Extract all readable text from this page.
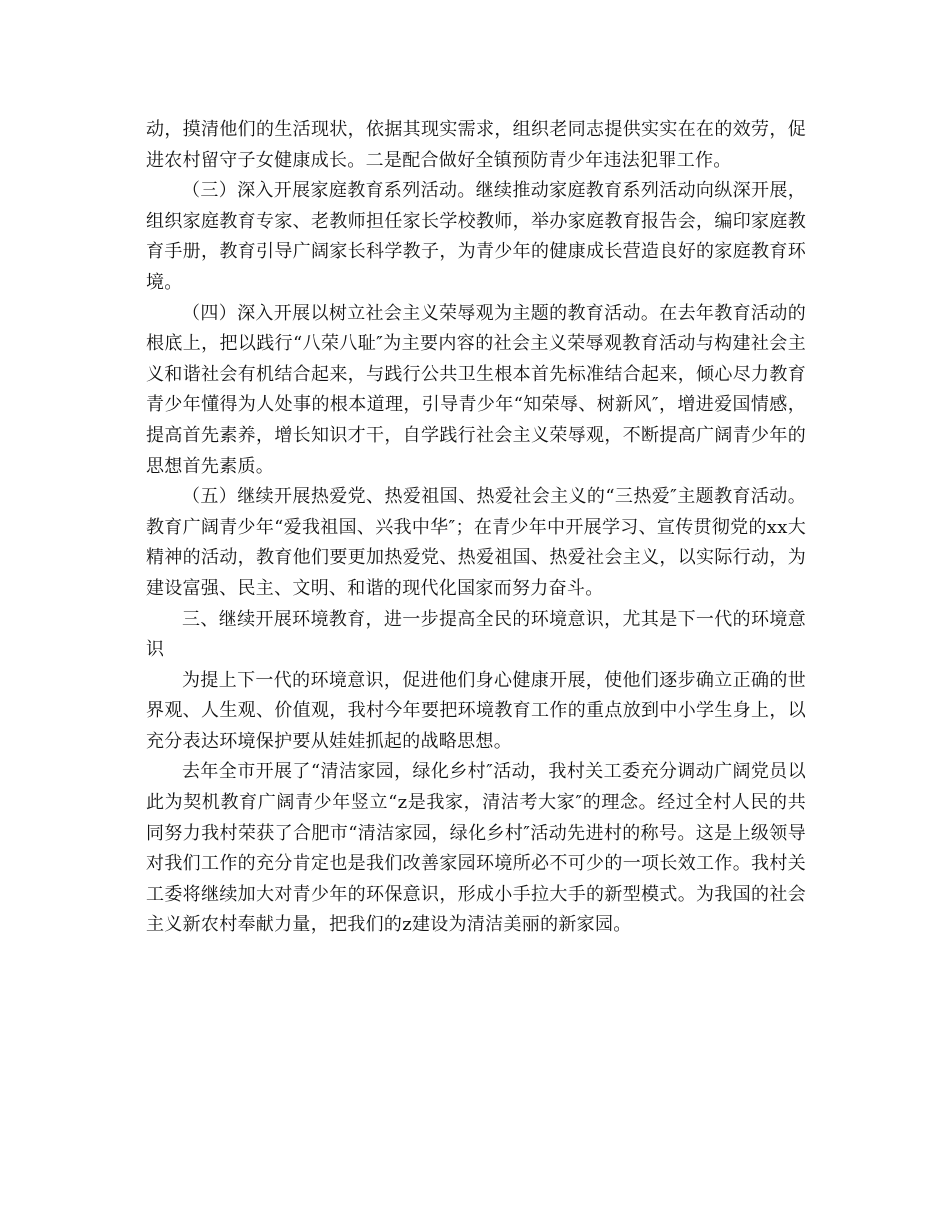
动，摸清他们的生活现状，依据其现实需求，组织老同志提供实实在在的效劳，促进农村留守子女健康成长。二是配合做好全镇预防青少年违法犯罪工作。

（三）深入开展家庭教育系列活动。继续推动家庭教育系列活动向纵深开展，组织家庭教育专家、老教师担任家长学校教师，举办家庭教育报告会，编印家庭教育手册，教育引导广阔家长科学教子，为青少年的健康成长营造良好的家庭教育环境。

（四）深入开展以树立社会主义荣辱观为主题的教育活动。在去年教育活动的根底上，把以践行“八荣八耻″为主要内容的社会主义荣辱观教育活动与构建社会主义和谐社会有机结合起来，与践行公共卫生根本首先标准结合起来，倾心尽力教育青少年懂得为人处事的根本道理，引导青少年“知荣辱、树新风″，增进爱国情感，提高首先素养，增长知识才干，自学践行社会主义荣辱观，不断提高广阔青少年的思想首先素质。

（五）继续开展热爱党、热爱祖国、热爱社会主义的“三热爱″主题教育活动。教育广阔青少年“爱我祖国、兴我中华″；在青少年中开展学习、宣传贯彻党的xx大精神的活动，教育他们要更加热爱党、热爱祖国、热爱社会主义，以实际行动，为建设富强、民主、文明、和谐的现代化国家而努力奋斗。

三、继续开展环境教育，进一步提高全民的环境意识，尤其是下一代的环境意识

为提上下一代的环境意识，促进他们身心健康开展，使他们逐步确立正确的世界观、人生观、价值观，我村今年要把环境教育工作的重点放到中小学生身上，以充分表达环境保护要从娃娃抓起的战略思想。

去年全市开展了“清洁家园，绿化乡村″活动，我村关工委充分调动广阔党员以此为契机教育广阔青少年竖立“z是我家，清洁考大家″的理念。经过全村人民的共同努力我村荣获了合肥市“清洁家园，绿化乡村″活动先进村的称号。这是上级领导对我们工作的充分肯定也是我们改善家园环境所必不可少的一项长效工作。我村关工委将继续加大对青少年的环保意识，形成小手拉大手的新型模式。为我国的社会主义新农村奉献力量，把我们的z建设为清洁美丽的新家园。
